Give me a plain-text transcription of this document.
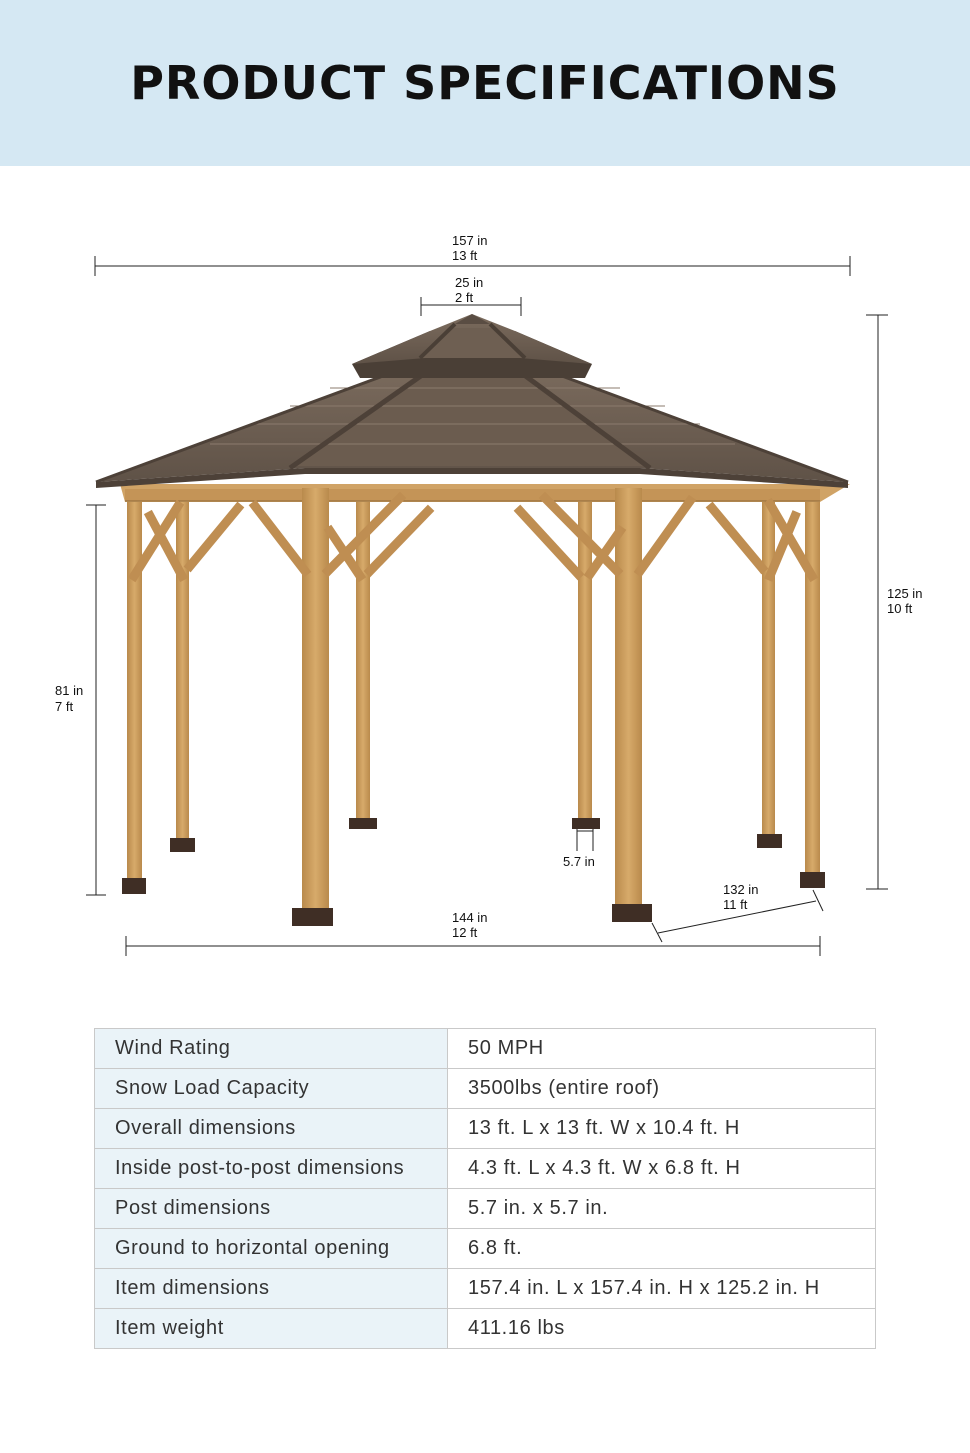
PRODUCT SPECIFICATIONS
157 in
13 ft
25 in
2 ft
125 in
10 ft
81 in
7 ft
5.7 in
144 in
12 ft
132 in
11 ft
Wind Rating	50 MPH
Snow Load Capacity	3500lbs (entire roof)
Overall dimensions	13 ft. L x 13 ft. W x 10.4 ft. H
Inside post-to-post dimensions	4.3 ft. L x 4.3 ft. W x 6.8 ft. H
Post dimensions	5.7 in. x 5.7 in.
Ground to horizontal opening	6.8 ft.
Item dimensions	157.4 in. L x 157.4 in. H x 125.2 in. H
Item weight	411.16 lbs
